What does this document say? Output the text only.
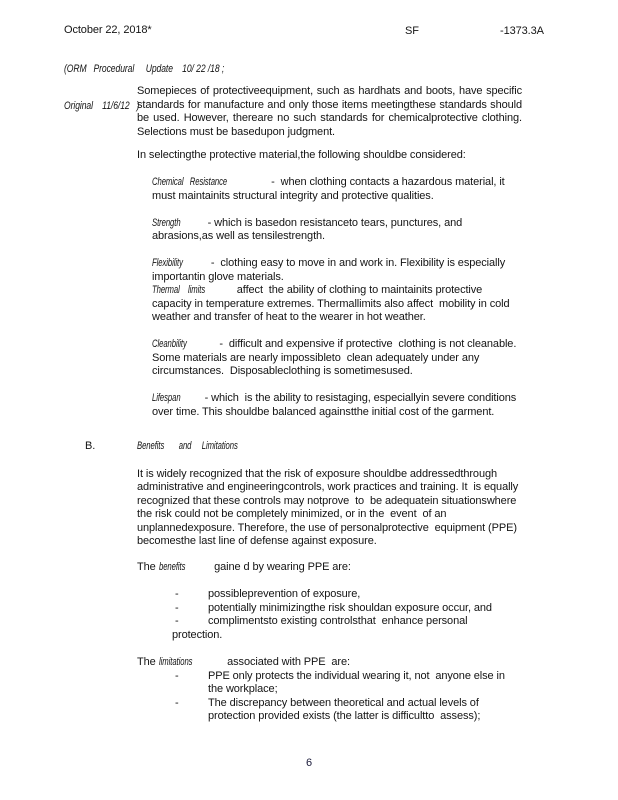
October 22, 2018*

(ORM   Procedural     Update    10/ 22 /18 ;

Original    11/6/12   )

SF	-1373.3A

Somepieces of protectiveequipment, such as hardhats and boots, have specific standards for manufacture and only those items meetingthese standards should be used. However, thereare no such standards for chemicalprotective clothing. Selections must be basedupon judgment.

In selectingthe protective material,the following shouldbe considered:

Chemical   Resistance	-  when clothing contacts a hazardous material, it must maintainits structural integrity and protective qualities.

Strength     - which is basedon resistanceto tears, punctures, and abrasions,as well as tensilestrength.

Flexibility     -  clothing easy to move in and work in. Flexibility is especially importantin glove materials.

Thermal    limits   affect  the ability of clothing to maintainits protective capacity in temperature extremes. Thermallimits also affect  mobility in cold weather and transfer of heat to the wearer in hot weather.

Cleanbility      -  difficult and expensive if protective  clothing is not cleanable. Some materials are nearly impossibleto  clean adequately under any circumstances.  Disposableclothing is sometimesused.

Lifespan    - which  is the ability to resistaging, especiallyin severe conditions over time. This shouldbe balanced againstthe initial cost of the garment.

B.	Benefits       and     Limitations

It is widely recognized that the risk of exposure shouldbe addressedthrough administrative and engineeringcontrols, work practices and training. It  is equally recognized that these controls may notprove  to  be adequatein situationswhere the risk could not be completely minimized, or in the  event  of an unplannedexposure. Therefore, the use of personalprotective  equipment (PPE) becomesthe last line of defense against exposure.

The benefits      gaine d by wearing PPE are:

-	possibleprevention of exposure,
-	potentially minimizingthe risk shouldan exposure occur, and
-	complimentsto existing controlsthat  enhance personal
protection.

The limitations       associated with PPE  are:

-	PPE only protects the individual wearing it, not  anyone else in the workplace;
-	The discrepancy between theoretical and actual levels of protection provided exists (the latter is difficultto  assess);
6
